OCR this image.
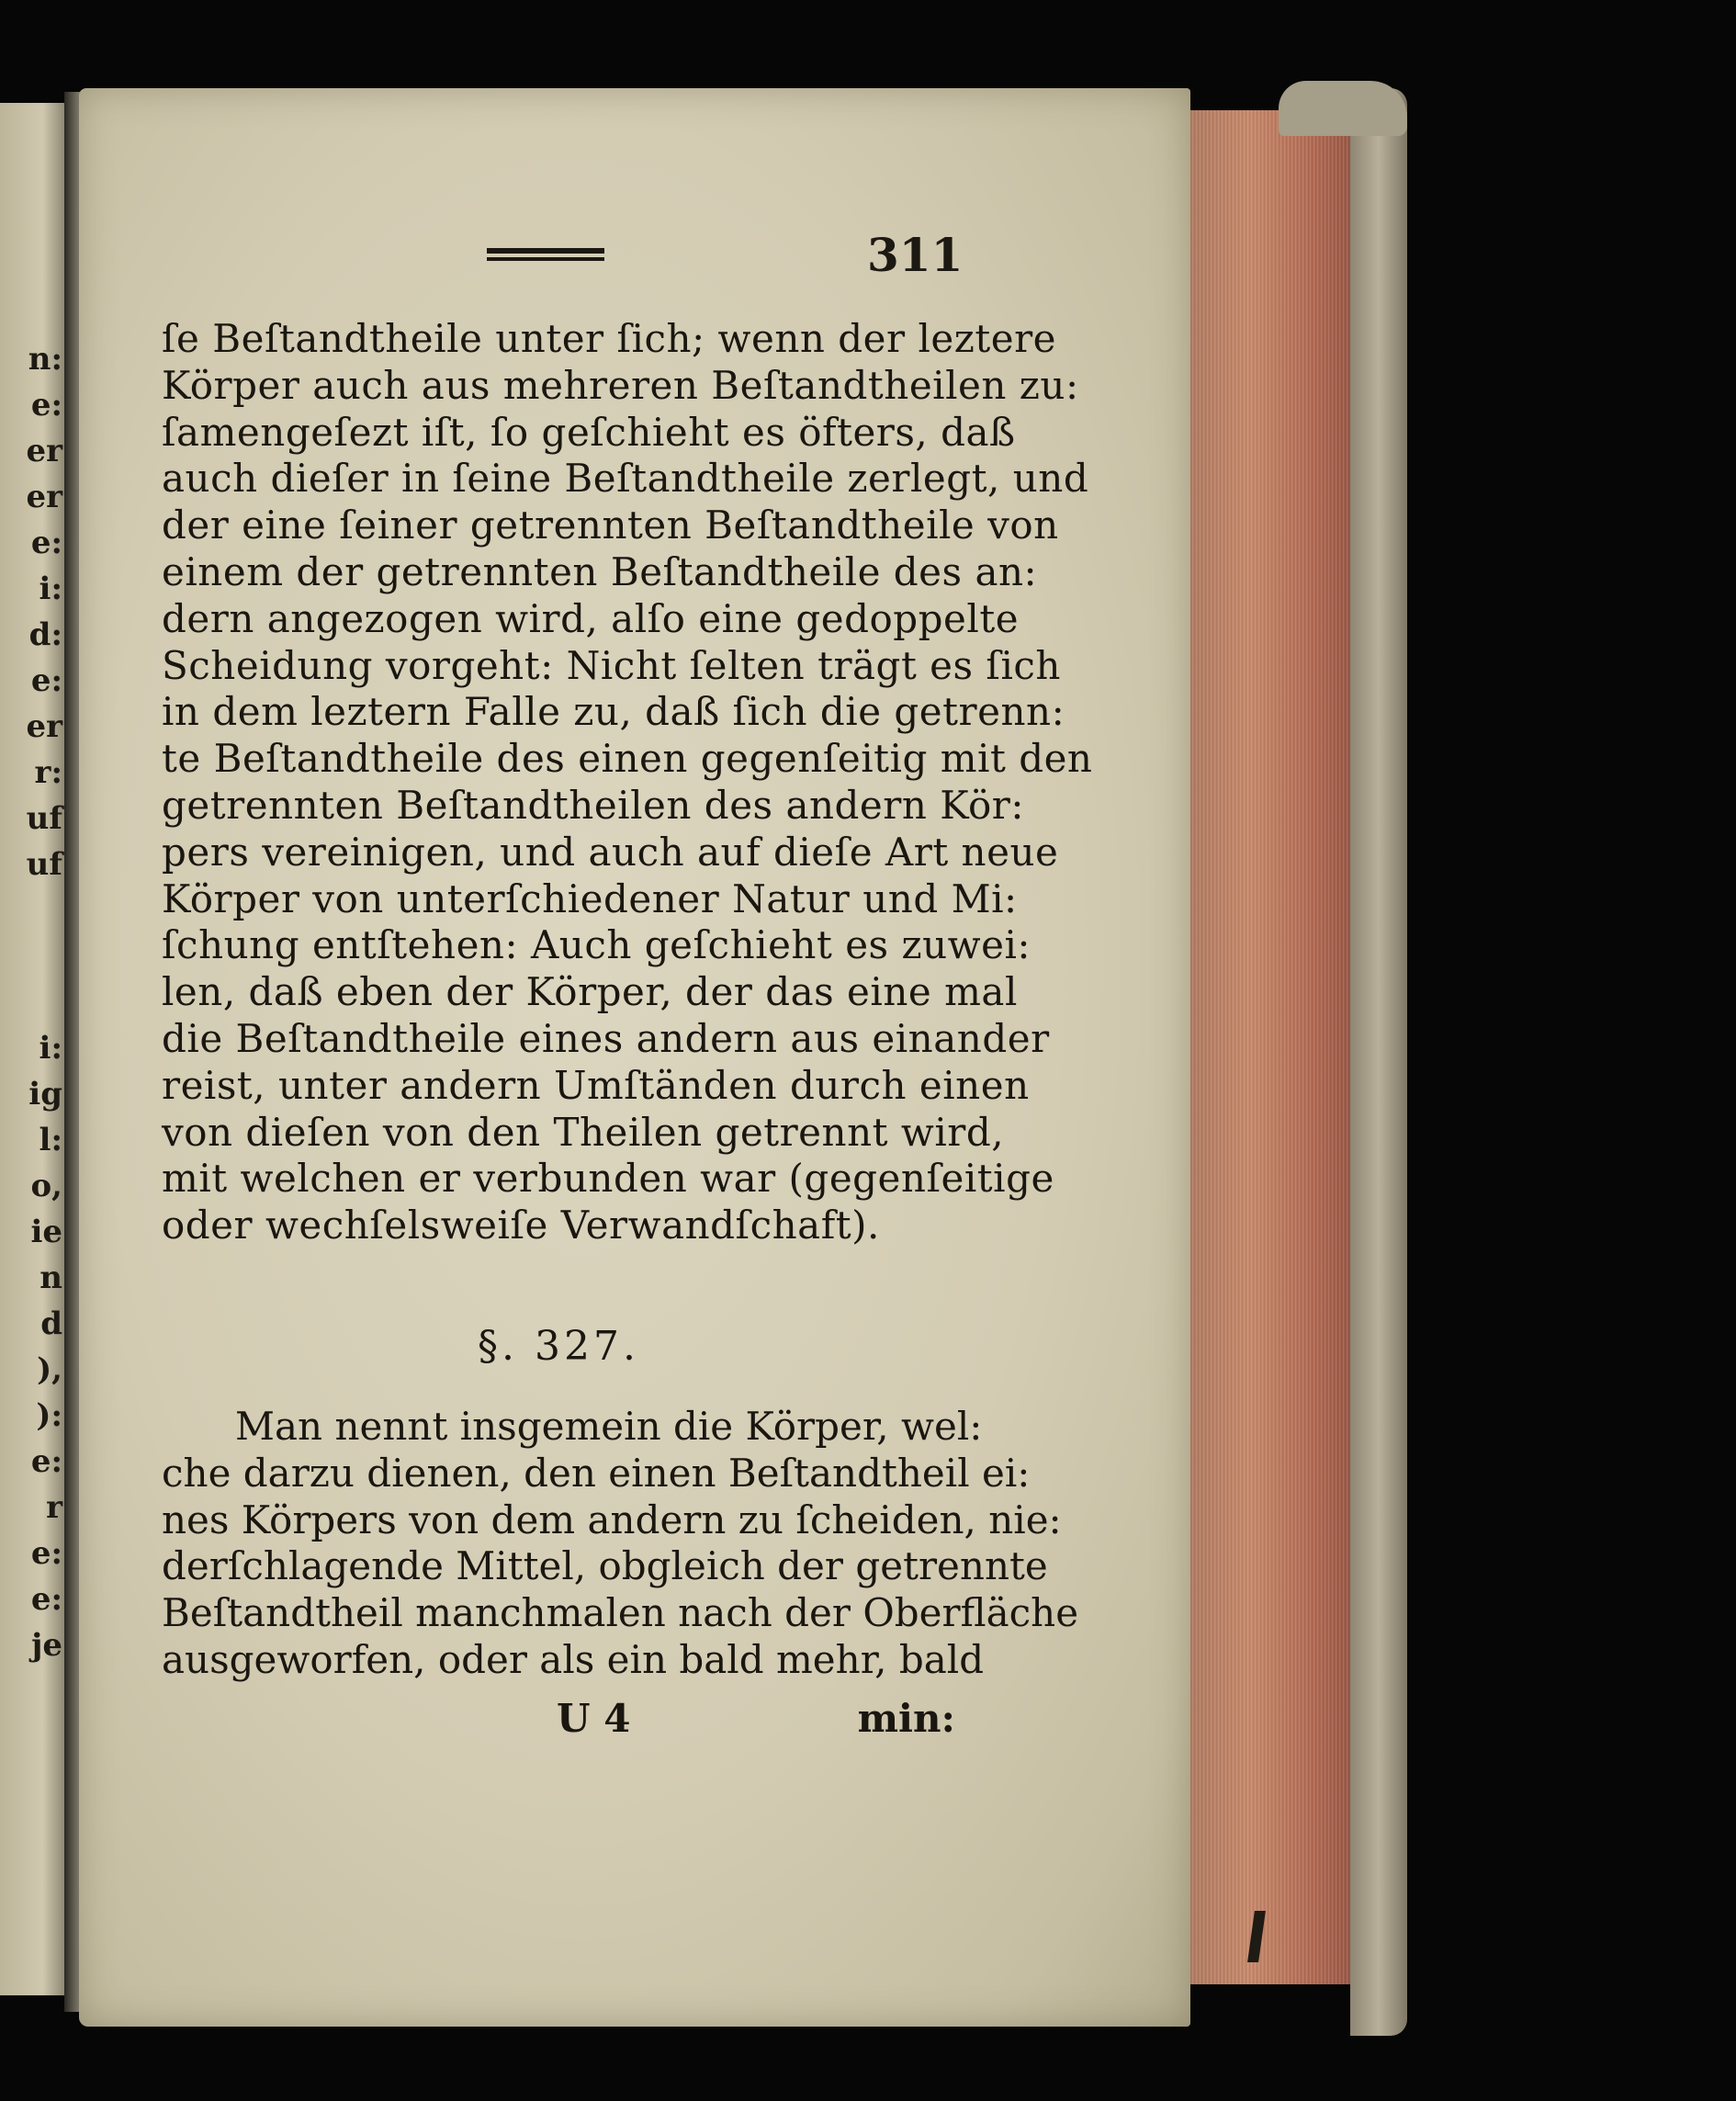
n:
e:
er
er
e:
i:
d:
e:
er
r:
uf
uf
i:
ig
l:
o,
ie
n
d
),
):
e:
r
e:
e:
je
311
ſe Beſtandtheile unter ſich; wenn der leztere
Körper auch aus mehreren Beſtandtheilen zu:
ſamengeſezt iſt, ſo geſchieht es öfters, daß
auch dieſer in ſeine Beſtandtheile zerlegt, und
der eine ſeiner getrennten Beſtandtheile von
einem der getrennten Beſtandtheile des an:
dern angezogen wird, alſo eine gedoppelte
Scheidung vorgeht: Nicht ſelten trägt es ſich
in dem leztern Falle zu, daß ſich die getrenn:
te Beſtandtheile des einen gegenſeitig mit den
getrennten Beſtandtheilen des andern Kör:
pers vereinigen, und auch auf dieſe Art neue
Körper von unterſchiedener Natur und Mi:
ſchung entſtehen: Auch geſchieht es zuwei:
len, daß eben der Körper, der das eine mal
die Beſtandtheile eines andern aus einander
reist, unter andern Umſtänden durch einen
von dieſen von den Theilen getrennt wird,
mit welchen er verbunden war (gegenſeitige
oder wechſelsweiſe Verwandſchaft).
§. 327.
Man nennt insgemein die Körper, wel:
che darzu dienen, den einen Beſtandtheil ei:
nes Körpers von dem andern zu ſcheiden, nie:
derſchlagende Mittel, obgleich der getrennte
Beſtandtheil manchmalen nach der Oberfläche
ausgeworfen, oder als ein bald mehr, bald
U 4	min:
